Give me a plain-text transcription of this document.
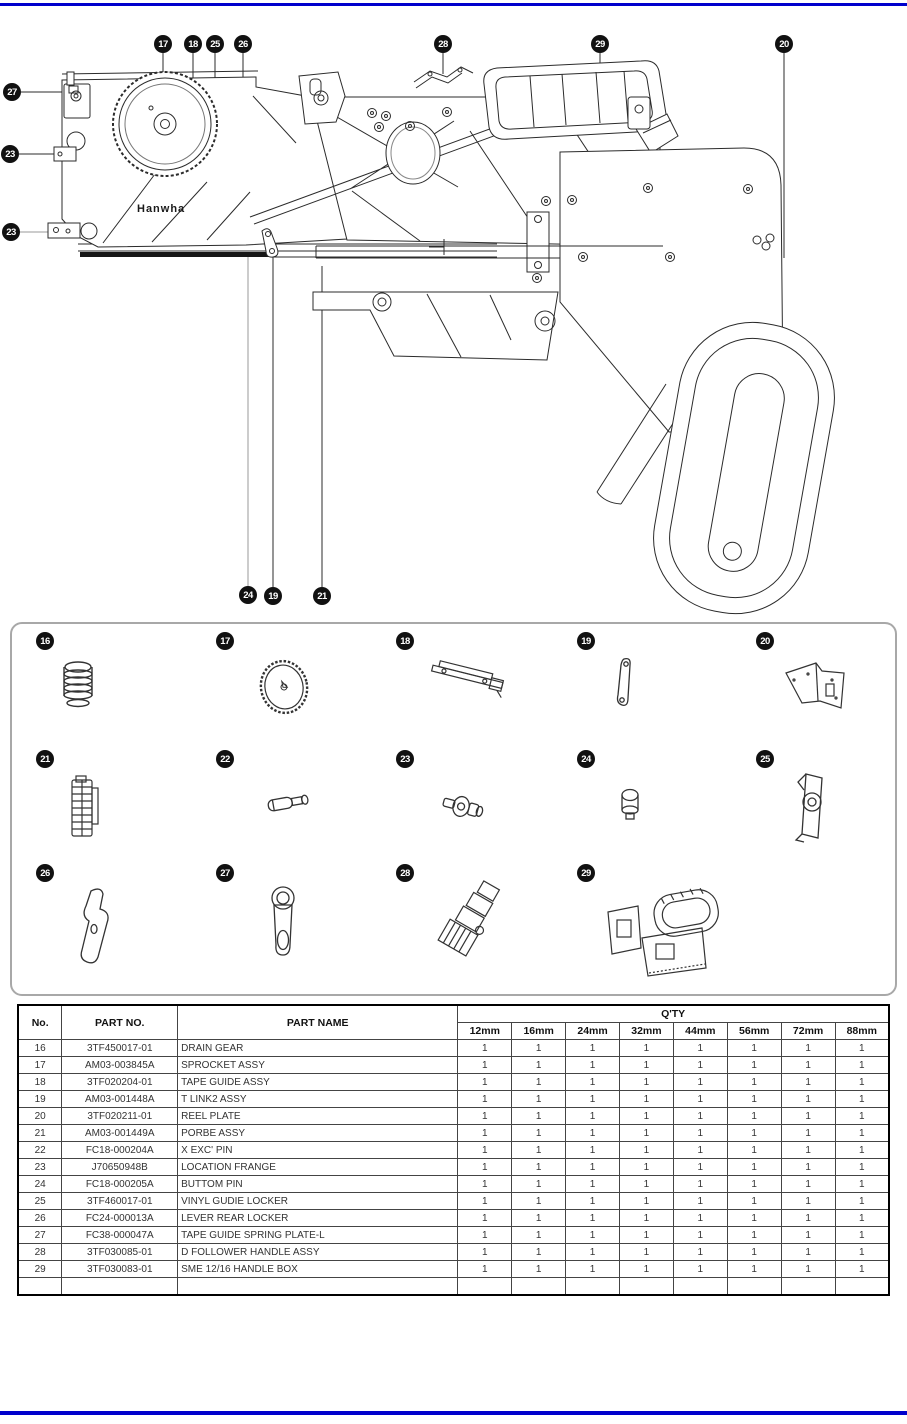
Hanwha
17	18	25	26	28	29	20
27
23
23
24	19	21
16	17	18	19	20
21	22	23	24	25
26	27	28	29
No.	PART NO.	PART NAME	Q'TY							
			12mm	16mm	24mm	32mm	44mm	56mm	72mm	88mm
16	3TF450017-01	DRAIN GEAR	1	1	1	1	1	1	1	1
17	AM03-003845A	SPROCKET ASSY	1	1	1	1	1	1	1	1
18	3TF020204-01	TAPE GUIDE ASSY	1	1	1	1	1	1	1	1
19	AM03-001448A	T LINK2 ASSY	1	1	1	1	1	1	1	1
20	3TF020211-01	REEL PLATE	1	1	1	1	1	1	1	1
21	AM03-001449A	PORBE ASSY	1	1	1	1	1	1	1	1
22	FC18-000204A	X EXC' PIN	1	1	1	1	1	1	1	1
23	J70650948B	LOCATION FRANGE	1	1	1	1	1	1	1	1
24	FC18-000205A	BUTTOM PIN	1	1	1	1	1	1	1	1
25	3TF460017-01	VINYL GUDIE LOCKER	1	1	1	1	1	1	1	1
26	FC24-000013A	LEVER REAR LOCKER	1	1	1	1	1	1	1	1
27	FC38-000047A	TAPE GUIDE SPRING PLATE-L	1	1	1	1	1	1	1	1
28	3TF030085-01	D FOLLOWER HANDLE ASSY	1	1	1	1	1	1	1	1
29	3TF030083-01	SME 12/16 HANDLE BOX	1	1	1	1	1	1	1	1
